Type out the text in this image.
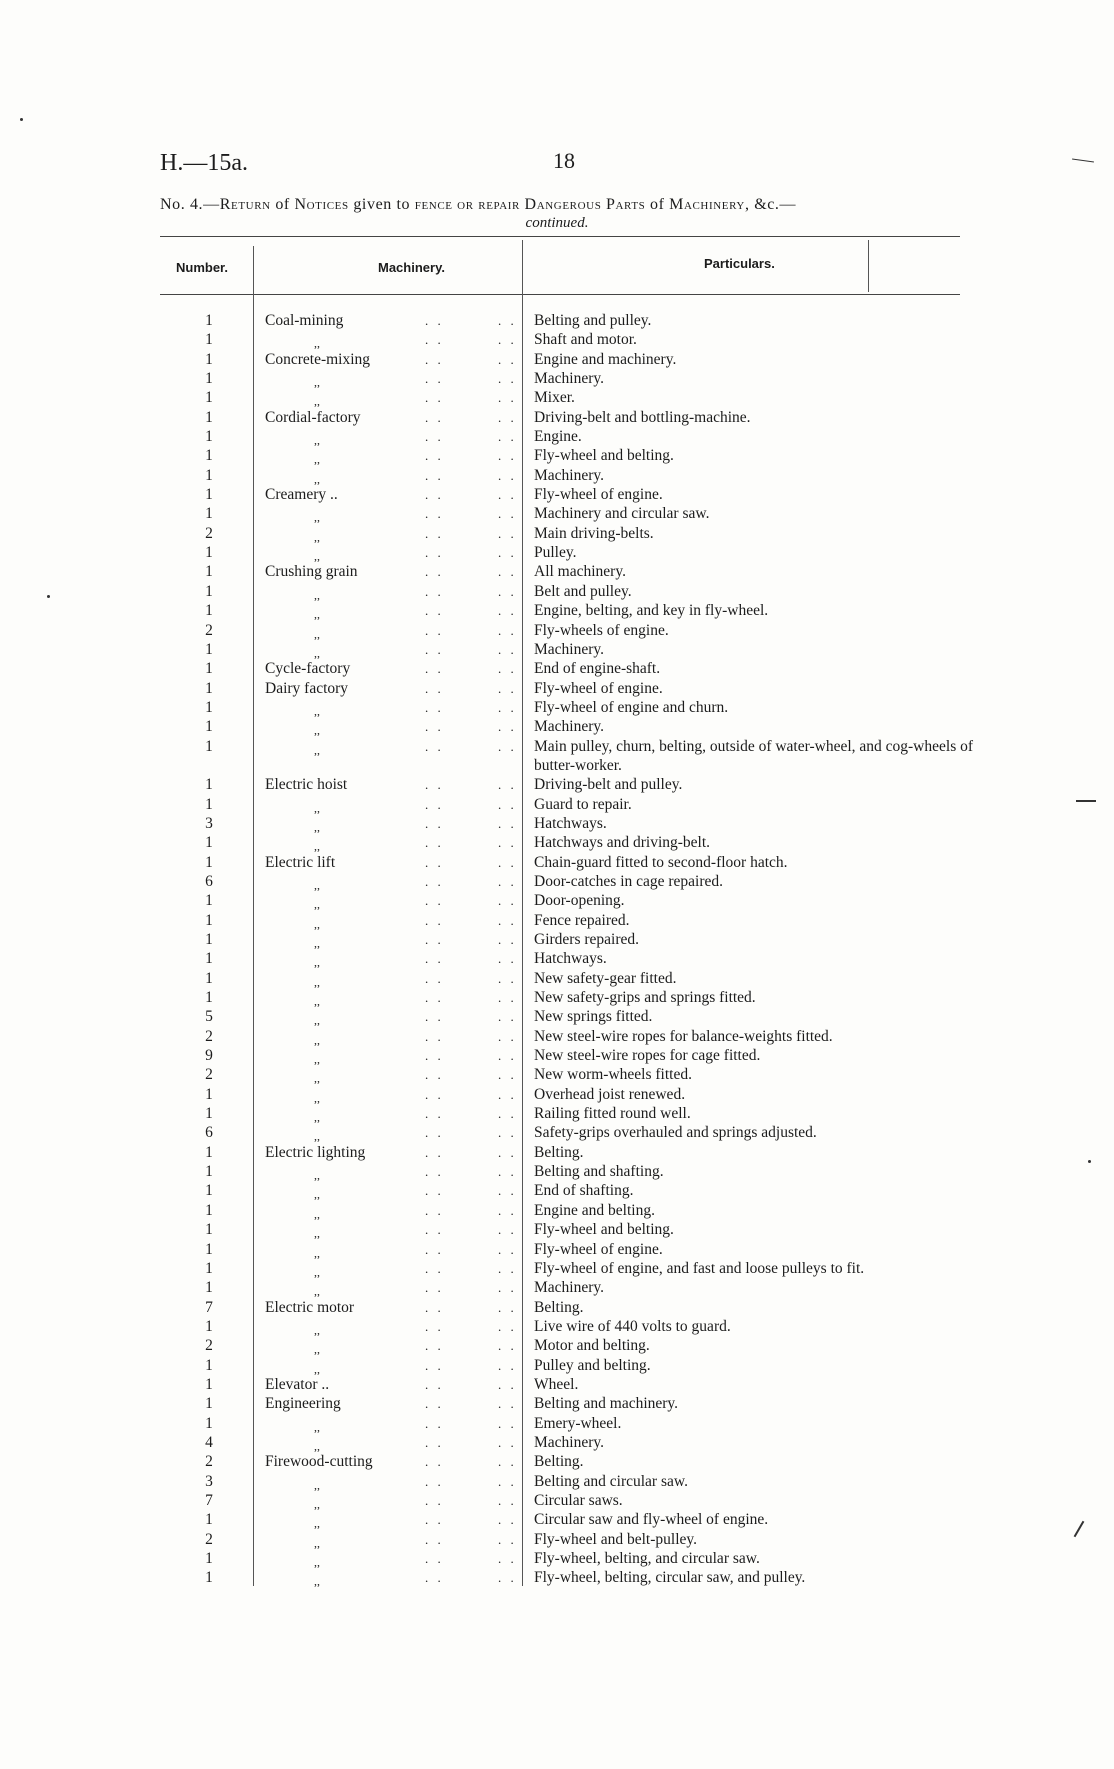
H.—15a.	18
No. 4.—Return of Notices given to fence or repair Dangerous Parts of Machinery, &c.—
continued.
Number.	Machinery.	Particulars.
1	Coal-mining	. .	. . Belting and pulley.
1	,,	. .	. . Shaft and motor.
1	Concrete-mixing	. .	. . Engine and machinery.
1	,,	. .	. . Machinery.
1	,,	. .	. . Mixer.
1	Cordial-factory	. .	. . Driving-belt and bottling-machine.
1	,,	. .	. . Engine.
1	,,	. .	. . Fly-wheel and belting.
1	,,	. .	. . Machinery.
1	Creamery ..	. .	. . Fly-wheel of engine.
1	,,	. .	. . Machinery and circular saw.
2	,,	. .	. . Main driving-belts.
1	,,	. .	. . Pulley.
1	Crushing grain	. .	. . All machinery.
1	,,	. .	. . Belt and pulley.
1	,,	. .	. . Engine, belting, and key in fly-wheel.
2	,,	. .	. . Fly-wheels of engine.
1	,,	. .	. . Machinery.
1	Cycle-factory	. .	. . End of engine-shaft.
1	Dairy factory	. .	. . Fly-wheel of engine.
1	,,	. .	. . Fly-wheel of engine and churn.
1	,,	. .	. . Machinery.
1	,,	. .	. . Main pulley, churn, belting, outside of water-wheel, and cog-wheels of butter-worker.
1	Electric hoist	. .	. . Driving-belt and pulley.
1	,,	. .	. . Guard to repair.
3	,,	. .	. . Hatchways.
1	,,	. .	. . Hatchways and driving-belt.
1	Electric lift	. .	. . Chain-guard fitted to second-floor hatch.
6	,,	. .	. . Door-catches in cage repaired.
1	,,	. .	. . Door-opening.
1	,,	. .	. . Fence repaired.
1	,,	. .	. . Girders repaired.
1	,,	. .	. . Hatchways.
1	,,	. .	. . New safety-gear fitted.
1	,,	. .	. . New safety-grips and springs fitted.
5	,,	. .	. . New springs fitted.
2	,,	. .	. . New steel-wire ropes for balance-weights fitted.
9	,,	. .	. . New steel-wire ropes for cage fitted.
2	,,	. .	. . New worm-wheels fitted.
1	,,	. .	. . Overhead joist renewed.
1	,,	. .	. . Railing fitted round well.
6	,,	. .	. . Safety-grips overhauled and springs adjusted.
1	Electric lighting	. .	. . Belting.
1	,,	. .	. . Belting and shafting.
1	,,	. .	. . End of shafting.
1	,,	. .	. . Engine and belting.
1	,,	. .	. . Fly-wheel and belting.
1	,,	. .	. . Fly-wheel of engine.
1	,,	. .	. . Fly-wheel of engine, and fast and loose pulleys to fit.
1	,,	. .	. . Machinery.
7	Electric motor	. .	. . Belting.
1	,,	. .	. . Live wire of 440 volts to guard.
2	,,	. .	. . Motor and belting.
1	,,	. .	. . Pulley and belting.
1	Elevator ..	. .	. . Wheel.
1	Engineering	. .	. . Belting and machinery.
1	,,	. .	. . Emery-wheel.
4	,,	. .	. . Machinery.
2	Firewood-cutting	. .	. . Belting.
3	,,	. .	. . Belting and circular saw.
7	,,	. .	. . Circular saws.
1	,,	. .	. . Circular saw and fly-wheel of engine.
2	,,	. .	. . Fly-wheel and belt-pulley.
1	,,	. .	. . Fly-wheel, belting, and circular saw.
1	,,	. .	. . Fly-wheel, belting, circular saw, and pulley.
